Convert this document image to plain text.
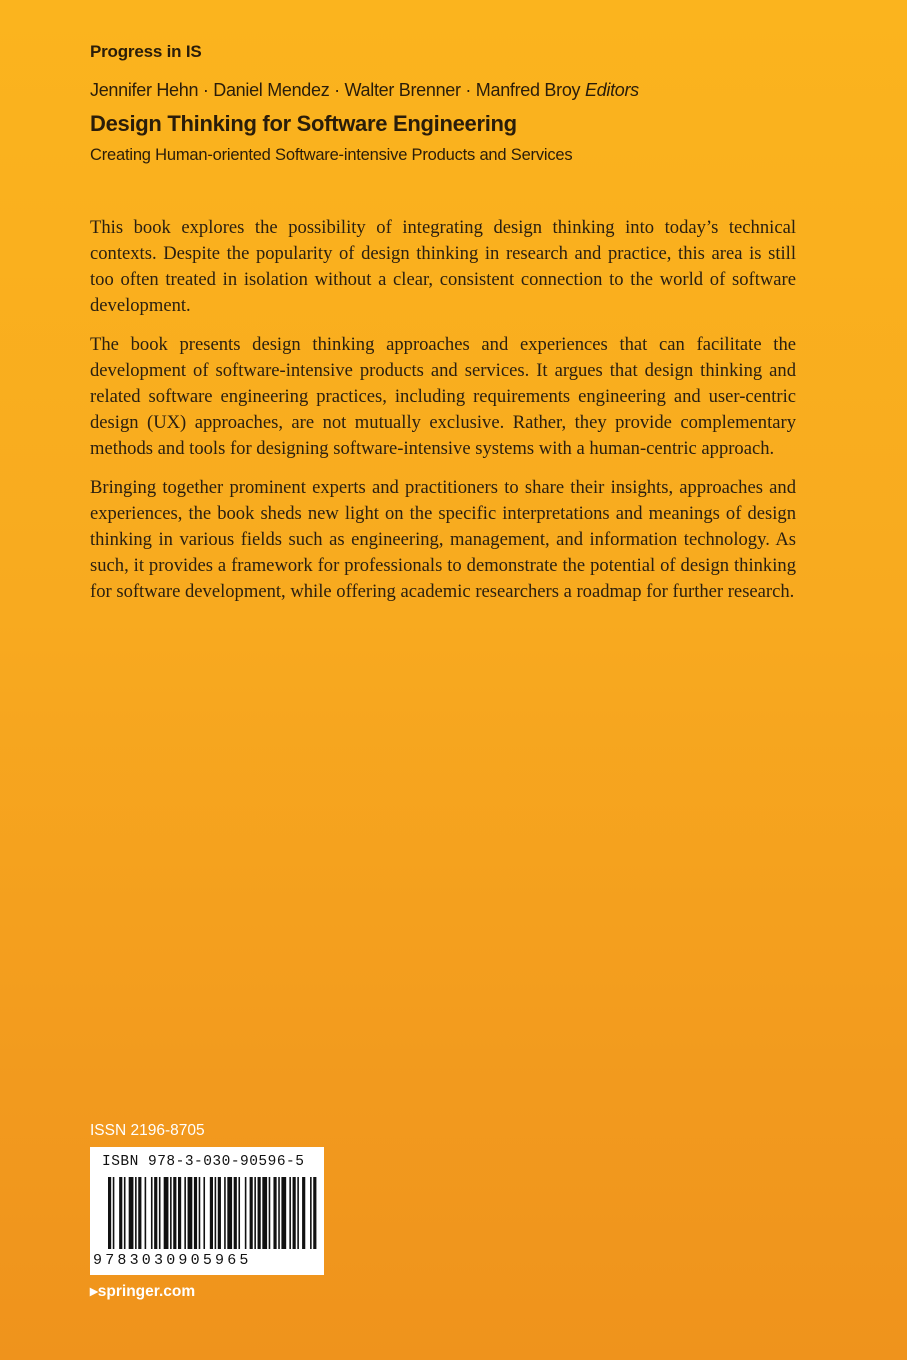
Progress in IS
Jennifer Hehn · Daniel Mendez · Walter Brenner · Manfred Broy Editors
Design Thinking for Software Engineering
Creating Human-oriented Software-intensive Products and Services

This book explores the possibility of integrating design thinking into today’s technical contexts. Despite the popularity of design thinking in research and practice, this area is still too often treated in isolation without a clear, consistent connection to the world of software development.

The book presents design thinking approaches and experiences that can facilitate the development of software-intensive products and services. It argues that design thinking and related software engineering practices, including requirements engineering and user-centric design (UX) approaches, are not mutually exclusive. Rather, they provide complementary methods and tools for designing software-intensive systems with a human-centric approach.

Bringing together prominent experts and practitioners to share their insights, approaches and experiences, the book sheds new light on the specific interpretations and meanings of design thinking in various fields such as engineering, management, and information technology. As such, it provides a framework for professionals to demonstrate the potential of design thinking for software development, while offering academic researchers a roadmap for further research.

ISSN 2196-8705
ISBN 978-3-030-90596-5
9783030905965
▸springer.com
